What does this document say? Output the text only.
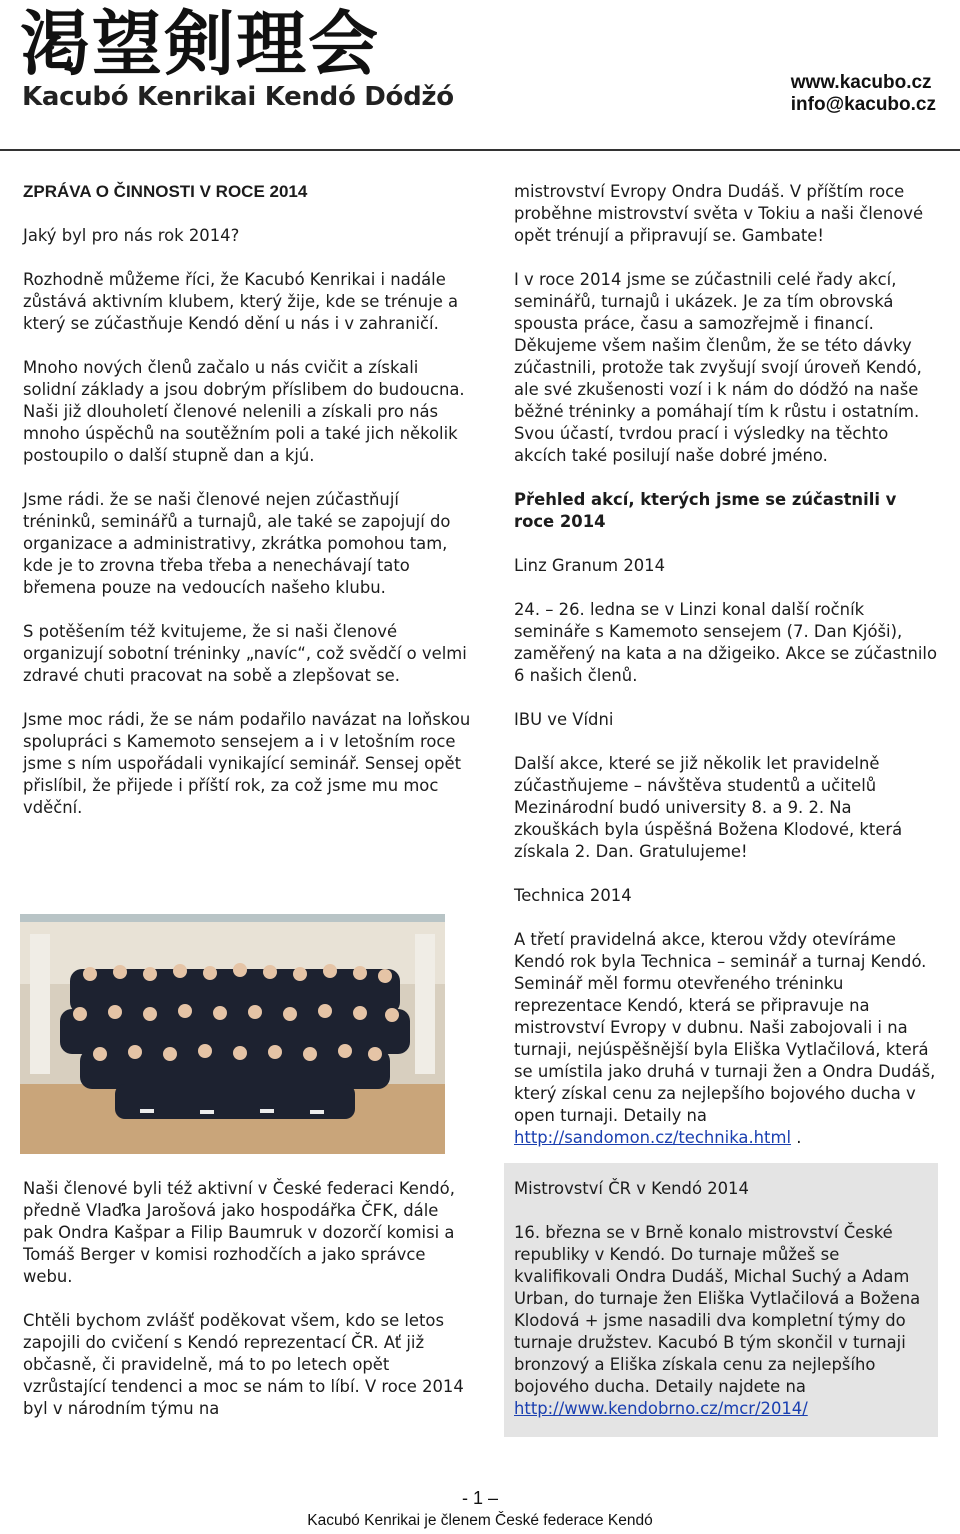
渇望剣理会
Kacubó Kenrikai Kendó Dódžó	www.kacubo.cz
info@kacubo.cz

ZPRÁVA O ČINNOSTI V ROCE 2014

Jaký byl pro nás rok 2014?

Rozhodně můžeme říci, že Kacubó Kenrikai i nadále zůstává aktivním klubem, který žije, kde se trénuje a který se zúčastňuje Kendó dění u nás i v zahraničí.

Mnoho nových členů začalo u nás cvičit a získali solidní základy a jsou dobrým příslibem do budoucna. Naši již dlouholetí členové nelenili a získali pro nás mnoho úspěchů na soutěžním poli a také jich několik postoupilo o další stupně dan a kjú.

Jsme rádi. že se naši členové nejen zúčastňují tréninků, seminářů a turnajů, ale také se zapojují do organizace a administrativy, zkrátka pomohou tam, kde je to zrovna třeba třeba a nenechávají tato břemena pouze na vedoucích našeho klubu.

S potěšením též kvitujeme, že si naši členové organizují sobotní tréninky „navíc“, což svědčí o velmi zdravé chuti pracovat na sobě a zlepšovat se.

Jsme moc rádi, že se nám podařilo navázat na loňskou spolupráci s Kamemoto sensejem a i v letošním roce jsme s ním uspořádali vynikající seminář. Sensej opět přislíbil, že přijede i příští rok, za což jsme mu moc vděční.

Naši členové byli též aktivní v České federaci Kendó, předně Vlaďka Jarošová jako hospodářka ČFK, dále pak Ondra Kašpar a Filip Baumruk v dozorčí komisi a Tomáš Berger v komisi rozhodčích a jako správce webu.

Chtěli bychom zvlášť poděkovat všem, kdo se letos zapojili do cvičení s Kendó reprezentací ČR. Ať již občasně, či pravidelně, má to po letech opět vzrůstající tendenci a moc se nám to líbí. V roce 2014 byl v národním týmu na

mistrovství Evropy Ondra Dudáš. V příštím roce proběhne mistrovství světa v Tokiu a naši členové opět trénují a připravují se. Gambate!

I v roce 2014 jsme se zúčastnili celé řady akcí, seminářů, turnajů i ukázek. Je za tím obrovská spousta práce, času a samozřejmě i financí. Děkujeme všem našim členům, že se této dávky zúčastnili, protože tak zvyšují svojí úroveň Kendó, ale své zkušenosti vozí i k nám do dódžó na naše běžné tréninky a pomáhají tím k růstu i ostatním. Svou účastí, tvrdou prací i výsledky na těchto akcích také posilují naše dobré jméno.

Přehled akcí, kterých jsme se zúčastnili v roce 2014

Linz Granum 2014

24. – 26. ledna se v Linzi konal další ročník semináře s Kamemoto sensejem (7. Dan Kjóši), zaměřený na kata a na džigeiko. Akce se zúčastnilo 6 našich členů.

IBU ve Vídni

Další akce, které se již několik let pravidelně zúčastňujeme – návštěva studentů a učitelů Mezinárodní budó university 8. a 9. 2. Na zkouškách byla úspěšná Božena Klodové, která získala 2. Dan. Gratulujeme!

Technica 2014

A třetí pravidelná akce, kterou vždy otevíráme Kendó rok byla Technica – seminář a turnaj Kendó. Seminář měl formu otevřeného tréninku reprezentace Kendó, která se připravuje na mistrovství Evropy v dubnu. Naši zabojovali i na turnaji, nejúspěšnější byla Eliška Vytlačilová, která se umístila jako druhá v turnaji žen a Ondra Dudáš, který získal cenu za nejlepšího bojového ducha v open turnaji. Detaily na http://sandomon.cz/technika.html .

Mistrovství ČR v Kendó 2014

16. března se v Brně konalo mistrovství České republiky v Kendó. Do turnaje můžeš se kvalifikovali Ondra Dudáš, Michal Suchý a Adam Urban, do turnaje žen Eliška Vytlačilová a Božena Klodová + jsme nasadili dva kompletní týmy do turnaje družstev. Kacubó B tým skončil v turnaji bronzový a Eliška získala cenu za nejlepšího bojového ducha. Detaily najdete na http://www.kendobrno.cz/mcr/2014/

- 1 –
Kacubó Kenrikai je členem České federace Kendó
